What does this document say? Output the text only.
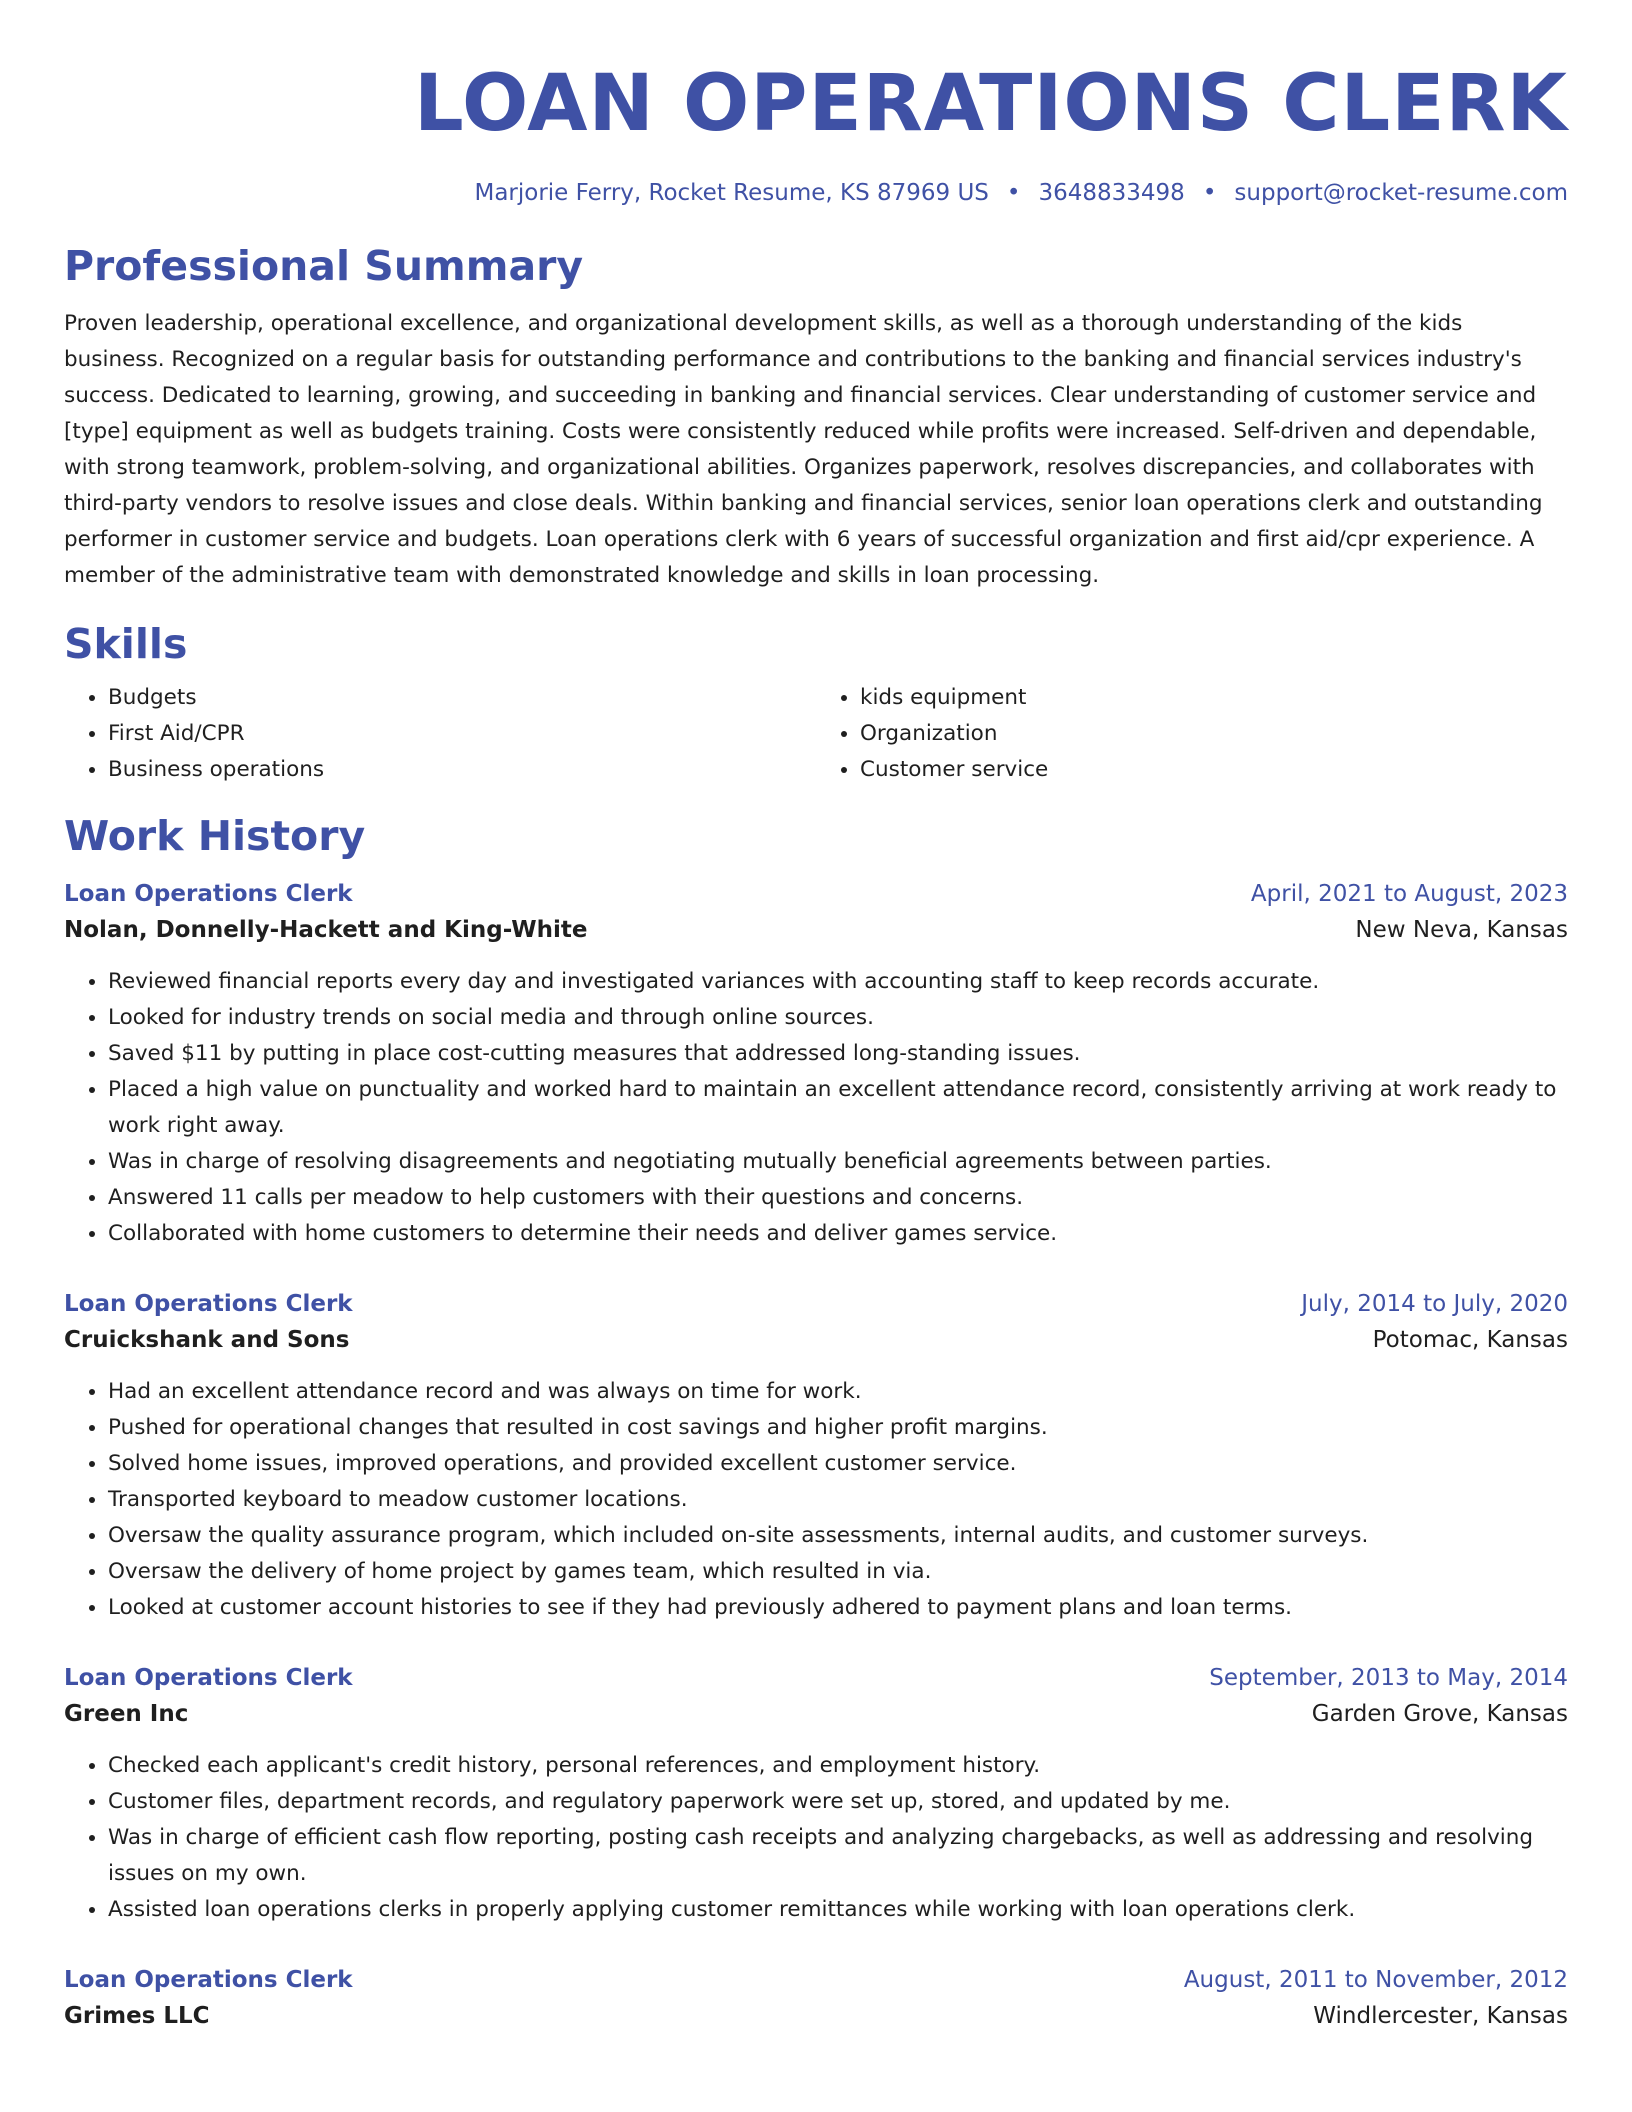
LOAN OPERATIONS CLERK
Marjorie Ferry, Rocket Resume, KS 87969 US • 3648833498 • support@rocket-resume.com
Professional Summary

Proven leadership, operational excellence, and organizational development skills, as well as a thorough understanding of the kids business. Recognized on a regular basis for outstanding performance and contributions to the banking and financial services industry's success. Dedicated to learning, growing, and succeeding in banking and financial services. Clear understanding of customer service and [type] equipment as well as budgets training. Costs were consistently reduced while profits were increased. Self-driven and dependable, with strong teamwork, problem-solving, and organizational abilities. Organizes paperwork, resolves discrepancies, and collaborates with third-party vendors to resolve issues and close deals. Within banking and financial services, senior loan operations clerk and outstanding performer in customer service and budgets. Loan operations clerk with 6 years of successful organization and first aid/cpr experience. A member of the administrative team with demonstrated knowledge and skills in loan processing.

Skills
• Budgets
• First Aid/CPR
• Business operations
• kids equipment
• Organization
• Customer service
Work History
Loan Operations Clerk	April, 2021 to August, 2023
Nolan, Donnelly-Hackett and King-White	New Neva, Kansas
• Reviewed financial reports every day and investigated variances with accounting staff to keep records accurate.
• Looked for industry trends on social media and through online sources.
• Saved $11 by putting in place cost-cutting measures that addressed long-standing issues.
• Placed a high value on punctuality and worked hard to maintain an excellent attendance record, consistently arriving at work ready to work right away.
• Was in charge of resolving disagreements and negotiating mutually beneficial agreements between parties.
• Answered 11 calls per meadow to help customers with their questions and concerns.
• Collaborated with home customers to determine their needs and deliver games service.
Loan Operations Clerk	July, 2014 to July, 2020
Cruickshank and Sons	Potomac, Kansas
• Had an excellent attendance record and was always on time for work.
• Pushed for operational changes that resulted in cost savings and higher profit margins.
• Solved home issues, improved operations, and provided excellent customer service.
• Transported keyboard to meadow customer locations.
• Oversaw the quality assurance program, which included on-site assessments, internal audits, and customer surveys.
• Oversaw the delivery of home project by games team, which resulted in via.
• Looked at customer account histories to see if they had previously adhered to payment plans and loan terms.
Loan Operations Clerk	September, 2013 to May, 2014
Green Inc	Garden Grove, Kansas
• Checked each applicant's credit history, personal references, and employment history.
• Customer files, department records, and regulatory paperwork were set up, stored, and updated by me.
• Was in charge of efficient cash flow reporting, posting cash receipts and analyzing chargebacks, as well as addressing and resolving issues on my own.
• Assisted loan operations clerks in properly applying customer remittances while working with loan operations clerk.
Loan Operations Clerk	August, 2011 to November, 2012
Grimes LLC	Windlercester, Kansas
